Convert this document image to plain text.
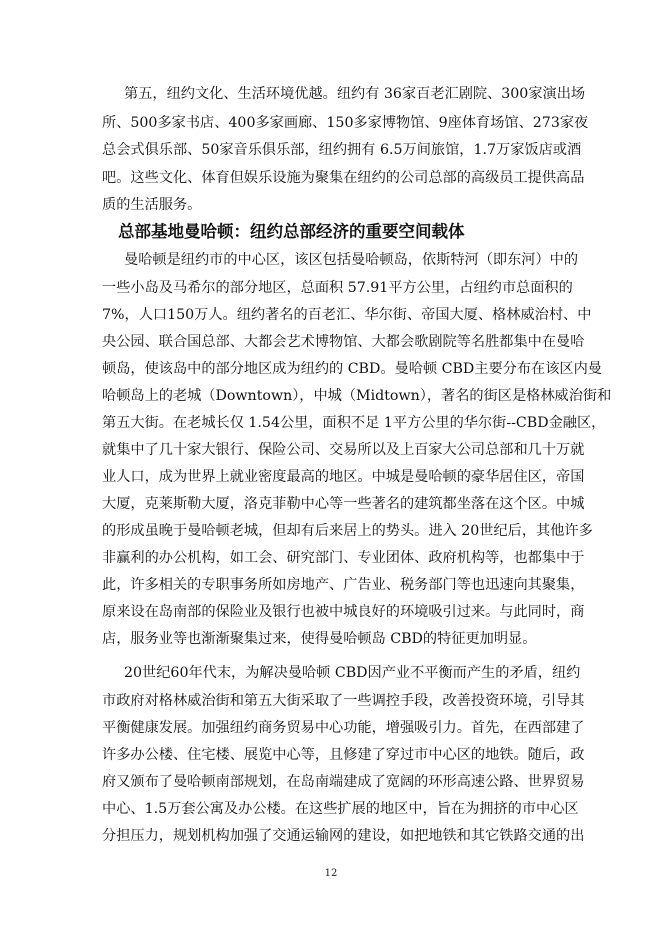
第五，纽约文化、生活环境优越。纽约有 36家百老汇剧院、300家演出场
所、500多家书店、400多家画廊、150多家博物馆、9座体育场馆、273家夜
总会式俱乐部、50家音乐俱乐部，纽约拥有 6.5万间旅馆，1.7万家饭店或酒
吧。这些文化、体育但娱乐设施为聚集在纽约的公司总部的高级员工提供高品
质的生活服务。
总部基地曼哈顿：纽约总部经济的重要空间载体
曼哈顿是纽约市的中心区，该区包括曼哈顿岛，依斯特河（即东河）中的
一些小岛及马希尔的部分地区，总面积 57.91平方公里，占纽约市总面积的
7%，人口150万人。纽约著名的百老汇、华尔街、帝国大厦、格林威治村、中
央公园、联合国总部、大都会艺术博物馆、大都会歌剧院等名胜都集中在曼哈
顿岛，使该岛中的部分地区成为纽约的 CBD。曼哈顿 CBD主要分布在该区内曼
哈顿岛上的老城（Downtown），中城（Midtown），著名的街区是格林威治街和
第五大街。在老城长仅 1.54公里，面积不足 1平方公里的华尔街--CBD金融区，
就集中了几十家大银行、保险公司、交易所以及上百家大公司总部和几十万就
业人口，成为世界上就业密度最高的地区。中城是曼哈顿的豪华居住区，帝国
大厦，克莱斯勒大厦，洛克菲勒中心等一些著名的建筑都坐落在这个区。中城
的形成虽晚于曼哈顿老城，但却有后来居上的势头。进入 20世纪后，其他许多
非赢利的办公机构，如工会、研究部门、专业团体、政府机构等，也都集中于
此，许多相关的专职事务所如房地产、广告业、税务部门等也迅速向其聚集，
原来设在岛南部的保险业及银行也被中城良好的环境吸引过来。与此同时，商
店，服务业等也渐渐聚集过来，使得曼哈顿岛 CBD的特征更加明显。
20世纪60年代末，为解决曼哈顿 CBD因产业不平衡而产生的矛盾，纽约
市政府对格林威治街和第五大街采取了一些调控手段，改善投资环境，引导其
平衡健康发展。加强纽约商务贸易中心功能，增强吸引力。首先，在西部建了
许多办公楼、住宅楼、展览中心等，且修建了穿过市中心区的地铁。随后，政
府又颁布了曼哈顿南部规划，在岛南端建成了宽阔的环形高速公路、世界贸易
中心、1.5万套公寓及办公楼。在这些扩展的地区中，旨在为拥挤的市中心区
分担压力，规划机构加强了交通运输网的建设，如把地铁和其它铁路交通的出
12
